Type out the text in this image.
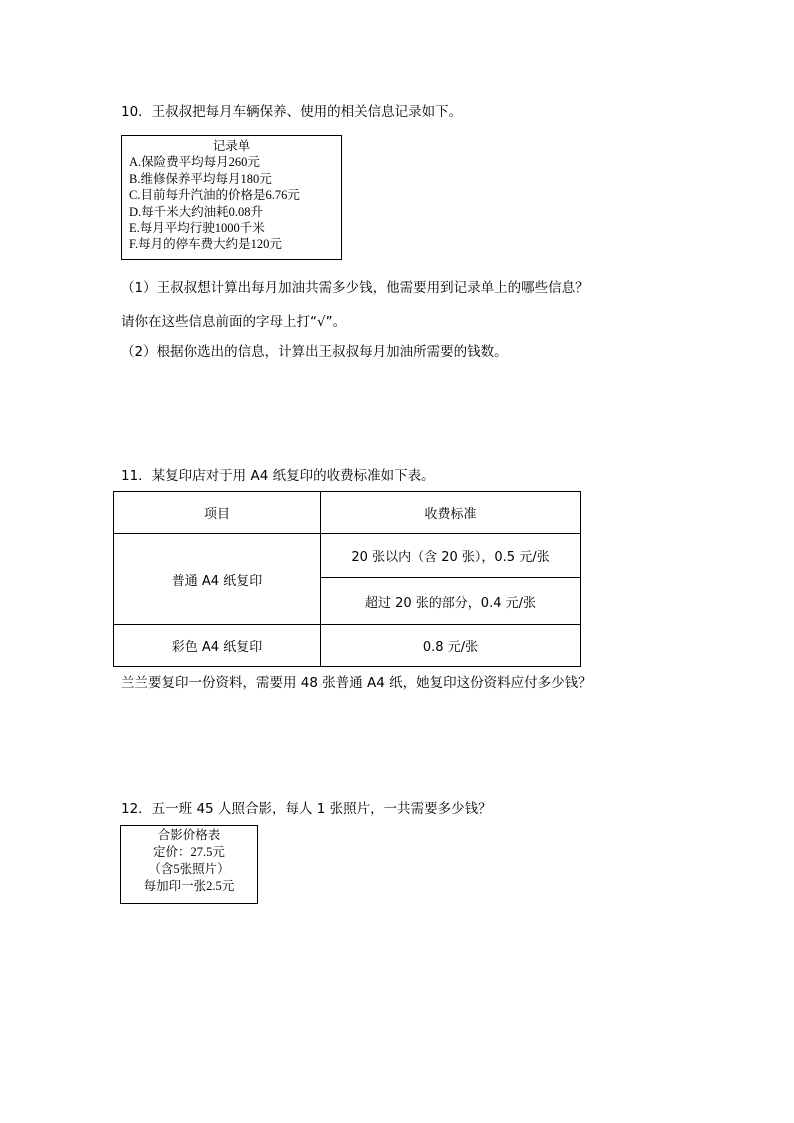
10．王叔叔把每月车辆保养、使用的相关信息记录如下。
记录单
A.保险费平均每月260元
B.维修保养平均每月180元
C.目前每升汽油的价格是6.76元
D.每千米大约油耗0.08升
E.每月平均行驶1000千米
F.每月的停车费大约是120元
（1）王叔叔想计算出每月加油共需多少钱，他需要用到记录单上的哪些信息？
请你在这些信息前面的字母上打“√”。
（2）根据你选出的信息，计算出王叔叔每月加油所需要的钱数。
11．某复印店对于用 A4 纸复印的收费标准如下表。
项目	收费标准
普通 A4 纸复印	20 张以内（含 20 张），0.5 元/张
	超过 20 张的部分，0.4 元/张
彩色 A4 纸复印	0.8 元/张
兰兰要复印一份资料，需要用 48 张普通 A4 纸，她复印这份资料应付多少钱？
12．五一班 45 人照合影，每人 1 张照片，一共需要多少钱？
合影价格表
定价：27.5元
（含5张照片）
每加印一张2.5元
